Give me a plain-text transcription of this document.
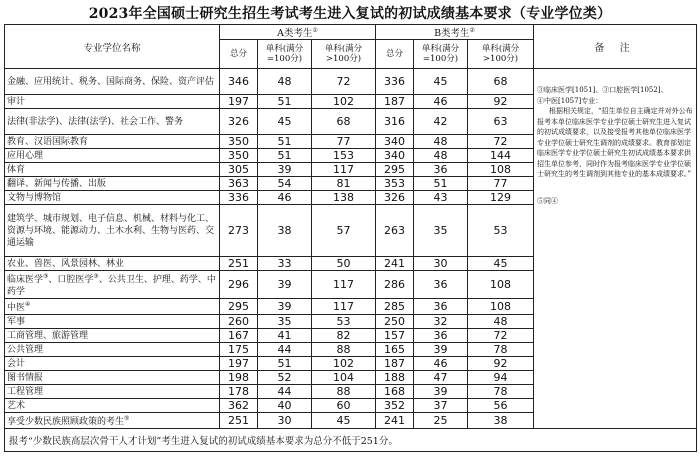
2023年全国硕士研究生招生考试考生进入复试的初试成绩基本要求（专业学位类）
专业学位名称	A类考生①			B类考生②			备 注
	总分	单科(满分
=100分)	单科(满分
>100分)	总分	单科(满分
=100分)	单科(满分
>100分)	
金融、应用统计、税务、国际商务、保险、资产评估	346	48	72	336	45	68	③临床医学[1051]、③口腔医学[1052]、

④中医[1057]专业：

根据相关规定，“招生单位自主确定并对外公布报考本单位临床医学专业学位硕士研究生进入复试的初试成绩要求，以及接受报考其他单位临床医学专业学位硕士研究生调剂的成绩要求。教育部划定临床医学专业学位硕士研究生初试成绩基本要求供招生单位参考，同时作为报考临床医学专业学位硕士研究生的考生调剂到其他专业的基本成绩要求。”

⑤同④

审计	197	51	102	187	46	92	
法律(非法学)、法律(法学)、社会工作、警务	326	45	68	316	42	63	
教育、汉语国际教育	350	51	77	340	48	72	
应用心理	350	51	153	340	48	144	
体育	305	39	117	295	36	108	
翻译、新闻与传播、出版	363	54	81	353	51	77	
文物与博物馆	336	46	138	326	43	129	
建筑学、城市规划、电子信息、机械、材料与化工、资源与环境、能源动力、土木水利、生物与医药、交通运输	273	38	57	263	35	53	
农业、兽医、风景园林、林业	251	33	50	241	30	45	
临床医学③、口腔医学③、公共卫生、护理、药学、中药学	296	39	117	286	36	108	
中医④	295	39	117	285	36	108	
军事	260	35	53	250	32	48	
工商管理、旅游管理	167	41	82	157	36	72	
公共管理	175	44	88	165	39	78	
会计	197	51	102	187	46	92	
图书情报	198	52	104	188	47	94	
工程管理	178	44	88	168	39	78	
艺术	362	40	60	352	37	56	
享受少数民族照顾政策的考生⑤	251	30	45	241	25	38	
报考“少数民族高层次骨干人才计划”考生进入复试的初试成绩基本要求为总分不低于251分。							
